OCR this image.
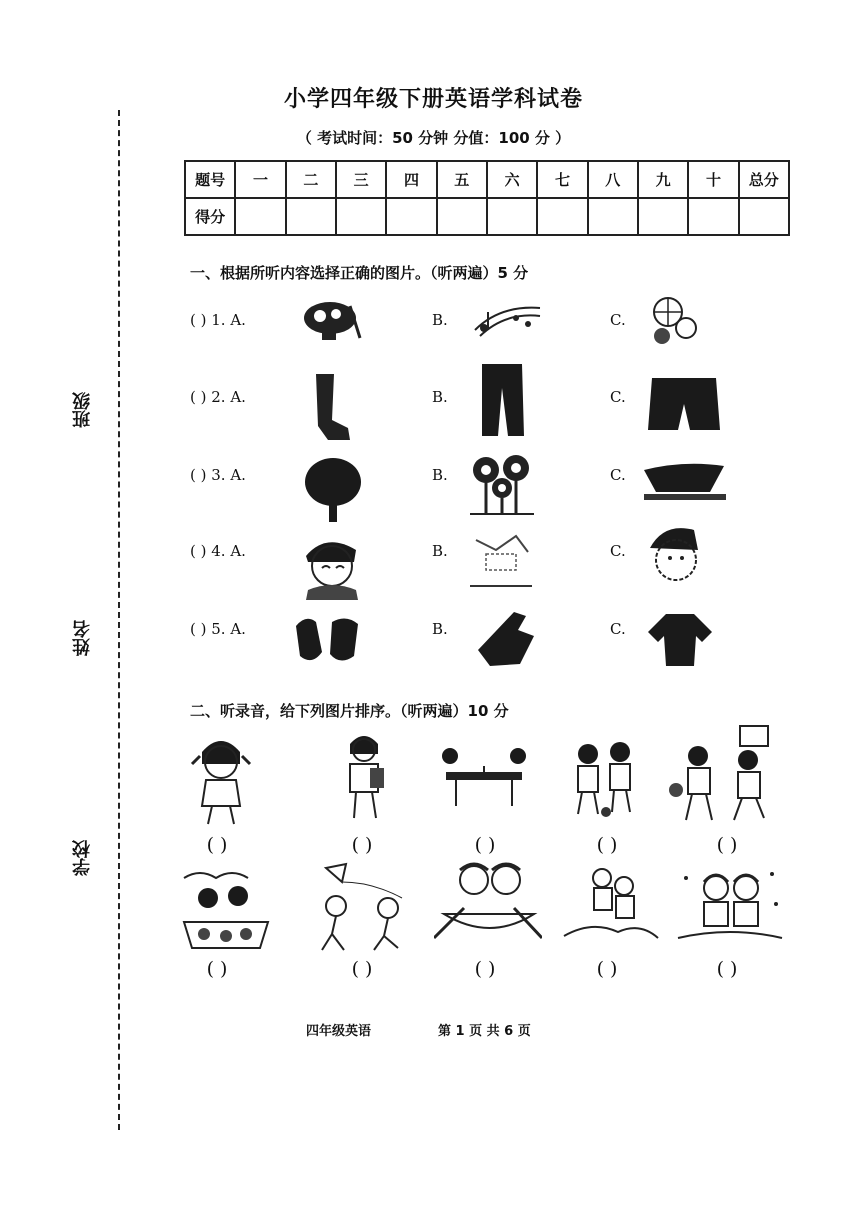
班级
姓名
学校
小学四年级下册英语学科试卷
（ 考试时间：50 分钟 分值：100 分 ）
题号	一	二	三	四	五	六	七	八	九	十	总分
得分											
一、根据所听内容选择正确的图片。（听两遍）5 分
( ) 1. A.	B.	C.
( ) 2. A.	B.	C.
( ) 3. A.	B.	C.
( ) 4. A.	B.	C.
( ) 5. A.	B.	C.
二、听录音，给下列图片排序。（听两遍）10 分
( )	( )	( )	( )	( )
( )	( )	( )	( )	( )
四年级英语	第 1 页 共 6 页
